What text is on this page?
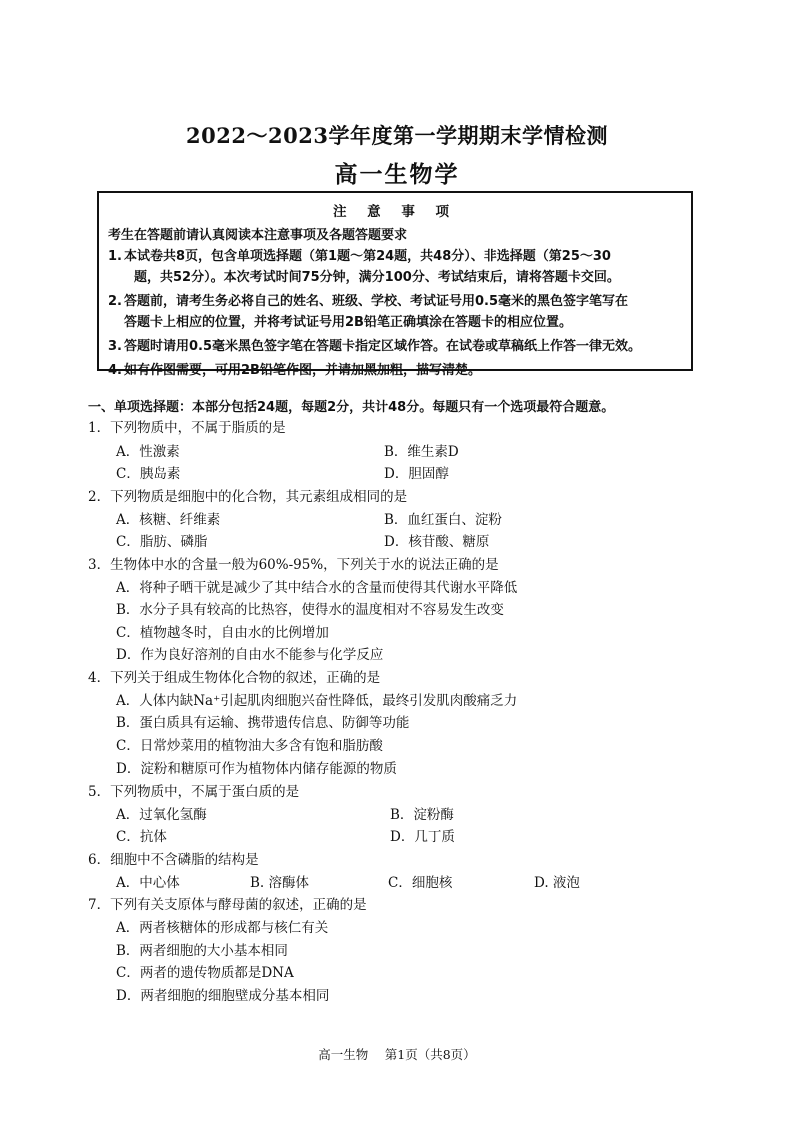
2022～2023学年度第一学期期末学情检测
高一生物学
注 意 事 项
考生在答题前请认真阅读本注意事项及各题答题要求
1. 本试卷共8页，包含单项选择题（第1题～第24题，共48分）、非选择题（第25～30
题，共52分）。本次考试时间75分钟，满分100分、考试结束后，请将答题卡交回。
2. 答题前，请考生务必将自己的姓名、班级、学校、考试证号用0.5毫米的黑色签字笔写在
答题卡上相应的位置，并将考试证号用2B铅笔正确填涂在答题卡的相应位置。
3. 答题时请用0.5毫米黑色签字笔在答题卡指定区域作答。在试卷或草稿纸上作答一律无效。
4. 如有作图需要，可用2B铅笔作图，并请加黑加粗，描写清楚。
一、单项选择题：本部分包括24题，每题2分，共计48分。每题只有一个选项最符合题意。
1．下列物质中，不属于脂质的是
A．性激素	B．维生素D
C．胰岛素	D．胆固醇
2．下列物质是细胞中的化合物，其元素组成相同的是
A．核糖、纤维素	B．血红蛋白、淀粉
C．脂肪、磷脂	D．核苷酸、糖原
3．生物体中水的含量一般为60%-95%，下列关于水的说法正确的是
A．将种子晒干就是减少了其中结合水的含量而使得其代谢水平降低
B．水分子具有较高的比热容，使得水的温度相对不容易发生改变
C．植物越冬时，自由水的比例增加
D．作为良好溶剂的自由水不能参与化学反应
4．下列关于组成生物体化合物的叙述，正确的是
A．人体内缺Na⁺引起肌肉细胞兴奋性降低，最终引发肌肉酸痛乏力
B．蛋白质具有运输、携带遗传信息、防御等功能
C．日常炒菜用的植物油大多含有饱和脂肪酸
D．淀粉和糖原可作为植物体内储存能源的物质
5．下列物质中，不属于蛋白质的是
A．过氧化氢酶	B．淀粉酶
C．抗体	D．几丁质
6．细胞中不含磷脂的结构是
A．中心体	B. 溶酶体	C．细胞核	D. 液泡
7．下列有关支原体与酵母菌的叙述，正确的是
A．两者核糖体的形成都与核仁有关
B．两者细胞的大小基本相同
C．两者的遗传物质都是DNA
D．两者细胞的细胞壁成分基本相同
高一生物　 第1页（共8页）
